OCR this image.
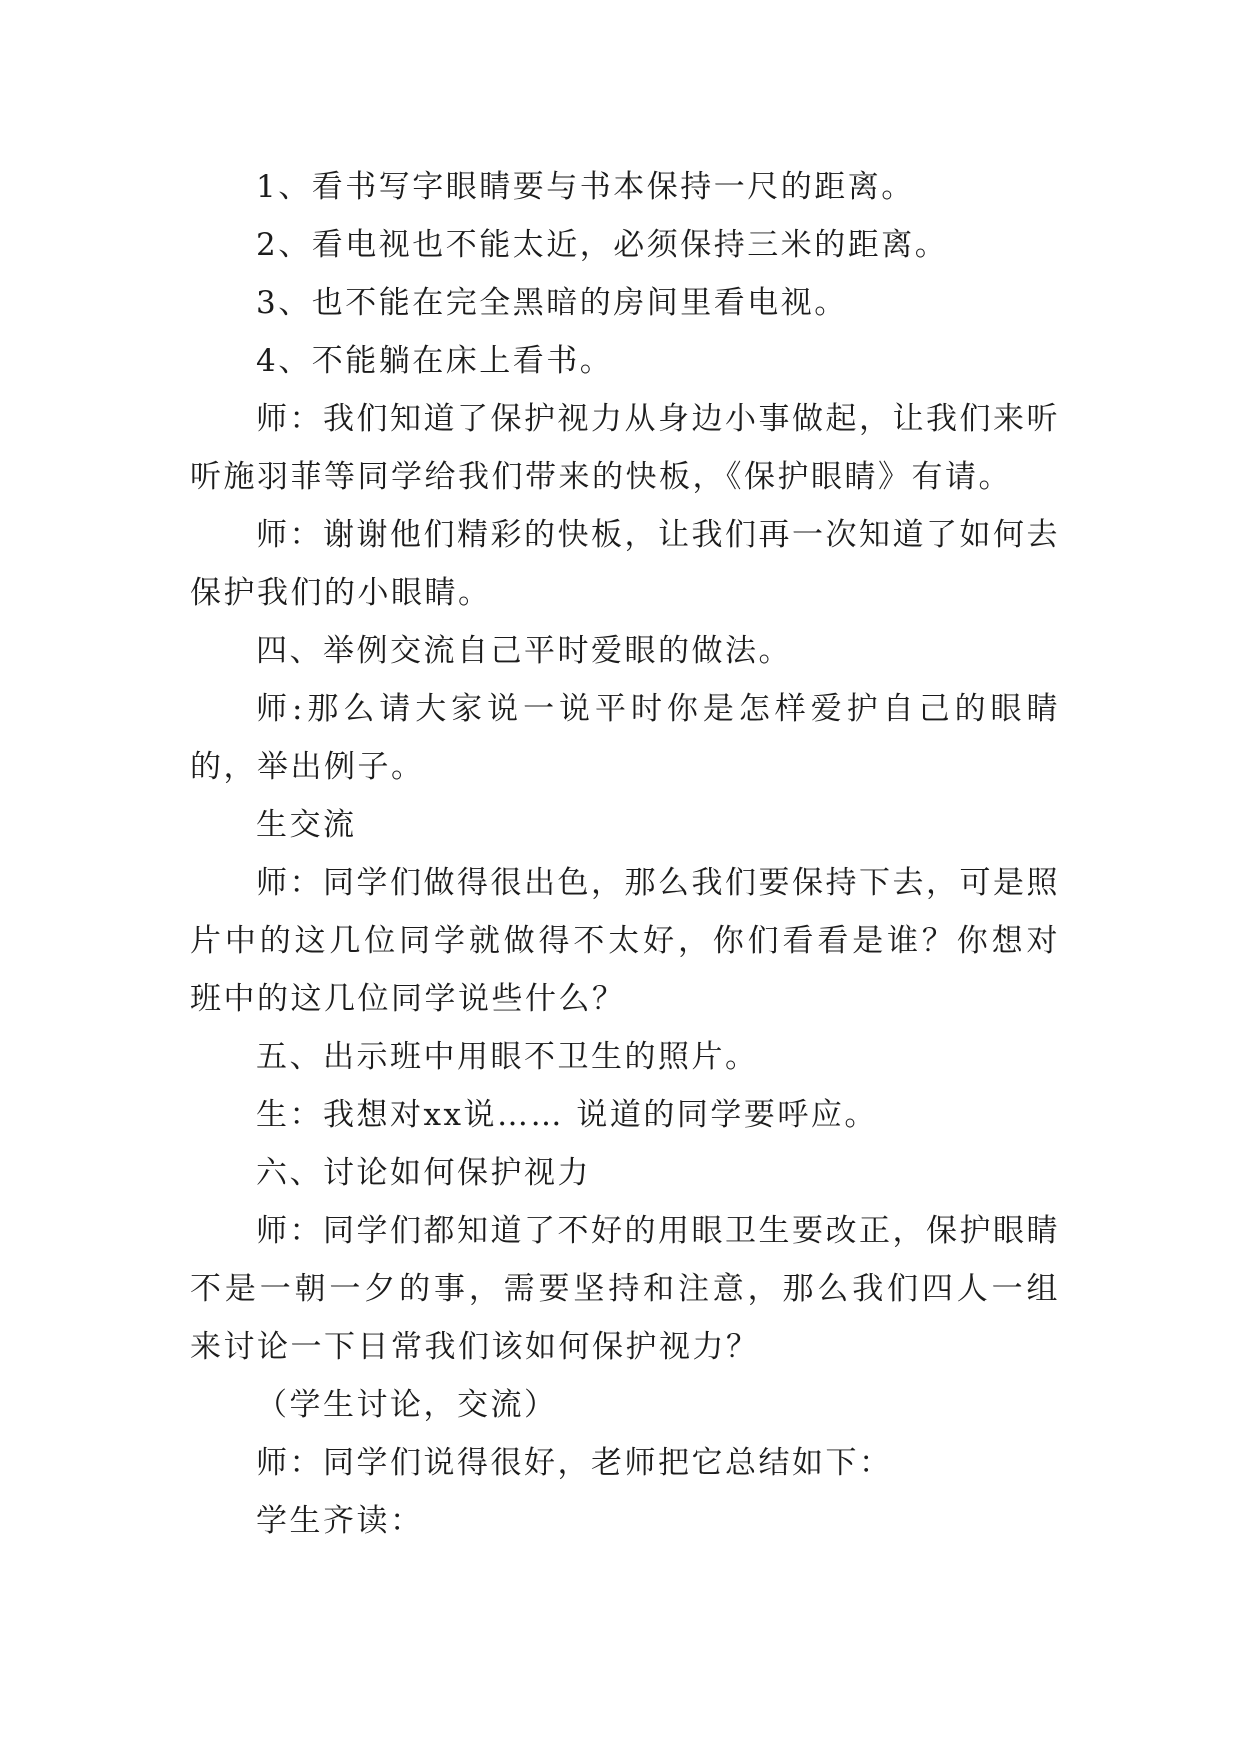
1、看书写字眼睛要与书本保持一尺的距离。

2、看电视也不能太近，必须保持三米的距离。

3、也不能在完全黑暗的房间里看电视。

4、不能躺在床上看书。

师：我们知道了保护视力从身边小事做起，让我们来听听施羽菲等同学给我们带来的快板，《保护眼睛》有请。

师：谢谢他们精彩的快板，让我们再一次知道了如何去保护我们的小眼睛。

四、举例交流自己平时爱眼的做法。

师:那么请大家说一说平时你是怎样爱护自己的眼睛的，举出例子。

生交流

师：同学们做得很出色，那么我们要保持下去，可是照片中的这几位同学就做得不太好，你们看看是谁？你想对班中的这几位同学说些什么？

五、出示班中用眼不卫生的照片。

生：我想对xx说…… 说道的同学要呼应。

六、讨论如何保护视力

师：同学们都知道了不好的用眼卫生要改正，保护眼睛不是一朝一夕的事，需要坚持和注意，那么我们四人一组来讨论一下日常我们该如何保护视力？

（学生讨论，交流）

师：同学们说得很好，老师把它总结如下：

学生齐读：
